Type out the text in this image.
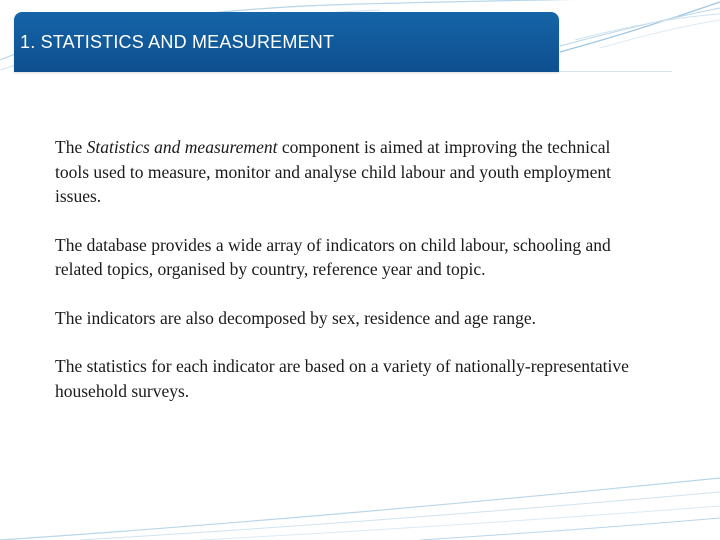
1. STATISTICS AND MEASUREMENT

The Statistics and measurement component is aimed at improving the technical tools used to measure, monitor and analyse child labour and youth employment issues.

The database provides a wide array of indicators on child labour, schooling and related topics, organised by country, reference year and topic.

The indicators are also decomposed by sex, residence and age range.

The statistics for each indicator are based on a variety of nationally-representative household surveys.
